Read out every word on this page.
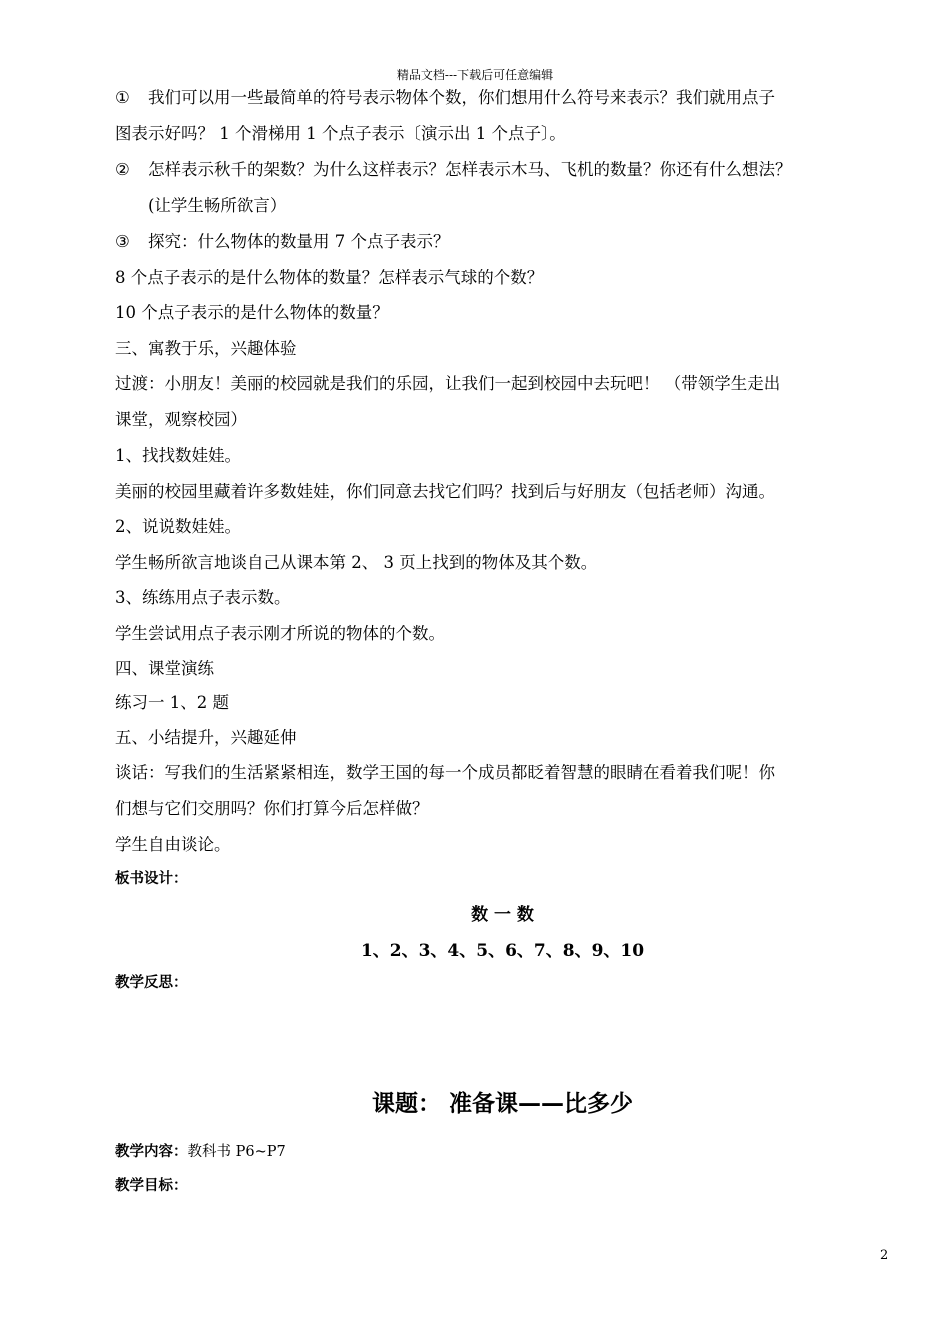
精品文档---下载后可任意编辑
① 我们可以用一些最简单的符号表示物体个数，你们想用什么符号来表示？我们就用点子
图表示好吗？ 1 个滑梯用 1 个点子表示〔演示出 1 个点子〕。
② 怎样表示秋千的架数？为什么这样表示？怎样表示木马、飞机的数量？你还有什么想法？
(让学生畅所欲言）
③ 探究：什么物体的数量用 7 个点子表示？
8 个点子表示的是什么物体的数量？怎样表示气球的个数？
10 个点子表示的是什么物体的数量？
三、寓教于乐，兴趣体验
过渡：小朋友！美丽的校园就是我们的乐园，让我们一起到校园中去玩吧！ （带领学生走出
课堂，观察校园）
1、找找数娃娃。
美丽的校园里藏着许多数娃娃，你们同意去找它们吗？找到后与好朋友（包括老师）沟通。
2、说说数娃娃。
学生畅所欲言地谈自己从课本第 2、 3 页上找到的物体及其个数。
3、练练用点子表示数。
学生尝试用点子表示刚才所说的物体的个数。
四、课堂演练
练习一 1、2 题
五、小结提升，兴趣延伸
谈话：写我们的生活紧紧相连，数学王国的每一个成员都眨着智慧的眼睛在看着我们呢！你
们想与它们交朋吗？你们打算今后怎样做？
学生自由谈论。
板书设计：
数 一 数
1、2、3、4、5、6、7、8、9、10
教学反思：
课题： 准备课——比多少
教学内容：教科书 P6~P7
教学目标：
2
